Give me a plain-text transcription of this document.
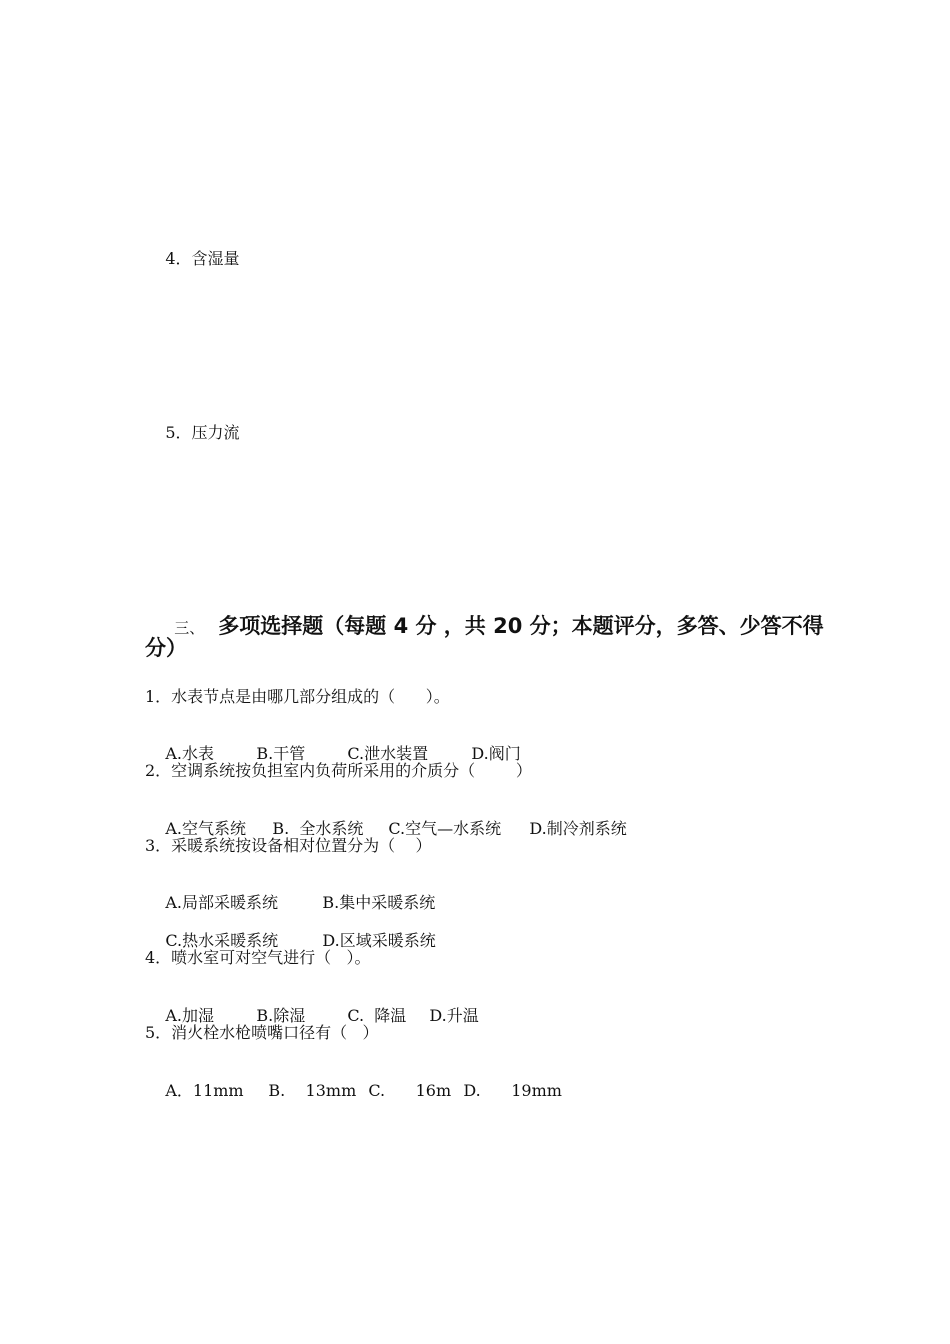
4．含湿量

5．压力流

三、 多项选择题（每题 4 分 ，共 20 分；本题评分，多答、少答不得

分）
1．水表节点是由哪几部分组成的（      ）。

A.水表	B.干管	C.泄水装置	D.阀门

2．空调系统按负担室内负荷所采用的介质分（        ）

A.空气系统 B.  全水系统 C.空气—水系统 D.制冷剂系统

3．采暖系统按设备相对位置分为（    ）

A.局部采暖系统	B.集中采暖系统

C.热水采暖系统	D.区域采暖系统

4．喷水室可对空气进行（   ）。

A.加湿	B.除湿	C.  降温 D.升温

5．消火栓水枪喷嘴口径有（   ）

A．11mm B.    13mm C.      16m D.      19mm
